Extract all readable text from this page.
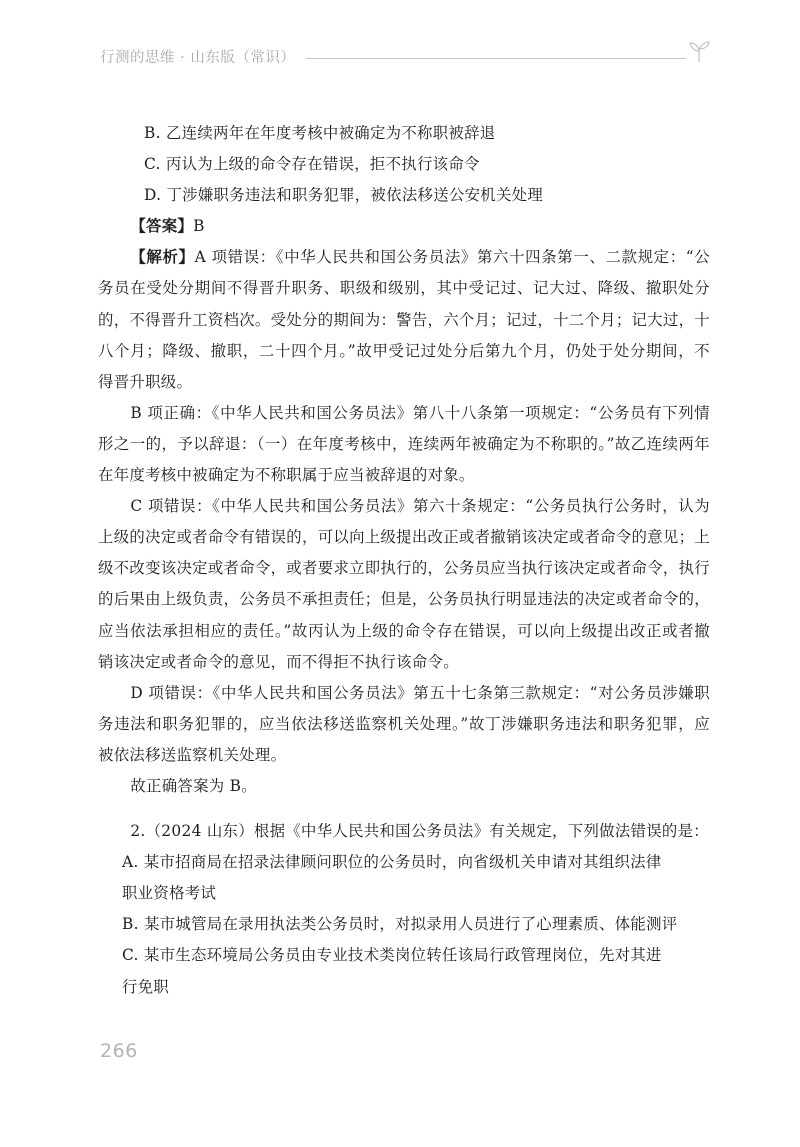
行测的思维 · 山东版（常识）

B. 乙连续两年在年度考核中被确定为不称职被辞退

C. 丙认为上级的命令存在错误，拒不执行该命令

D. 丁涉嫌职务违法和职务犯罪，被依法移送公安机关处理

【答案】B

【解析】A 项错误：《中华人民共和国公务员法》第六十四条第一、二款规定：“公务员在受处分期间不得晋升职务、职级和级别，其中受记过、记大过、降级、撤职处分的，不得晋升工资档次。受处分的期间为：警告，六个月；记过，十二个月；记大过，十八个月；降级、撤职，二十四个月。”故甲受记过处分后第九个月，仍处于处分期间，不得晋升职级。

B 项正确：《中华人民共和国公务员法》第八十八条第一项规定：“公务员有下列情形之一的，予以辞退：（一）在年度考核中，连续两年被确定为不称职的。”故乙连续两年在年度考核中被确定为不称职属于应当被辞退的对象。

C 项错误：《中华人民共和国公务员法》第六十条规定：“公务员执行公务时，认为上级的决定或者命令有错误的，可以向上级提出改正或者撤销该决定或者命令的意见；上级不改变该决定或者命令，或者要求立即执行的，公务员应当执行该决定或者命令，执行的后果由上级负责，公务员不承担责任；但是，公务员执行明显违法的决定或者命令的，应当依法承担相应的责任。”故丙认为上级的命令存在错误，可以向上级提出改正或者撤销该决定或者命令的意见，而不得拒不执行该命令。

D 项错误：《中华人民共和国公务员法》第五十七条第三款规定：“对公务员涉嫌职务违法和职务犯罪的，应当依法移送监察机关处理。”故丁涉嫌职务违法和职务犯罪，应被依法移送监察机关处理。

故正确答案为 B。

2.（2024 山东）根据《中华人民共和国公务员法》有关规定，下列做法错误的是：

A. 某市招商局在招录法律顾问职位的公务员时，向省级机关申请对其组织法律
职业资格考试

B. 某市城管局在录用执法类公务员时，对拟录用人员进行了心理素质、体能测评

C. 某市生态环境局公务员由专业技术类岗位转任该局行政管理岗位，先对其进
行免职

266
